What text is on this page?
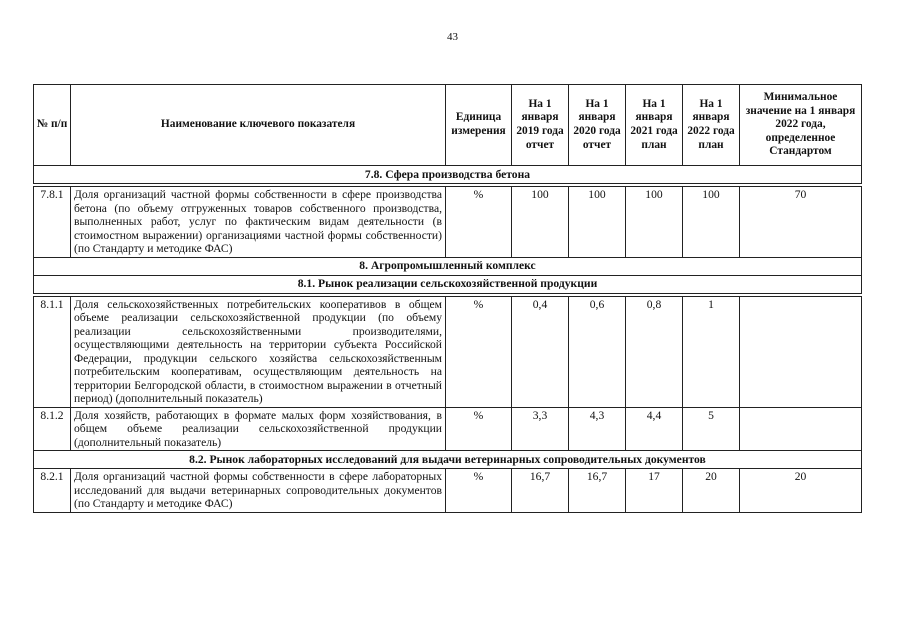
43
№ п/п	Наименование ключевого показателя	Единица измерения	На 1 января 2019 года отчет	На 1 января 2020 года отчет	На 1 января 2021 года план	На 1 января 2022 года план	Минимальное значение на 1 января 2022 года, определенное Стандартом
7.8. Сфера производства бетона							

7.8.1	Доля организаций частной формы собственности в сфере производства бетона (по объему отгруженных товаров собственного производства, выполненных работ, услуг по фактическим видам деятельности (в стоимостном выражении) организациями частной формы собственности) (по Стандарту и методике ФАС)	%	100	100	100	100	70
8. Агропромышленный комплекс							
8.1. Рынок реализации сельскохозяйственной продукции							

8.1.1	Доля сельскохозяйственных потребительских кооперативов в общем объеме реализации сельскохозяйственной продукции (по объему реализации сельскохозяйственными производителями, осуществляющими деятельность на территории субъекта Российской Федерации, продукции сельского хозяйства сельскохозяйственным потребительским кооперативам, осуществляющим деятельность на территории Белгородской области, в стоимостном выражении в отчетный период) (дополнительный показатель)	%	0,4	0,6	0,8	1	
8.1.2	Доля хозяйств, работающих в формате малых форм хозяйствования, в общем объеме реализации сельскохозяйственной продукции (дополнительный показатель)	%	3,3	4,3	4,4	5	
8.2. Рынок лабораторных исследований для выдачи ветеринарных сопроводительных документов							
8.2.1	Доля организаций частной формы собственности в сфере лабораторных исследований для выдачи ветеринарных сопроводительных документов (по Стандарту и методике ФАС)	%	16,7	16,7	17	20	20
